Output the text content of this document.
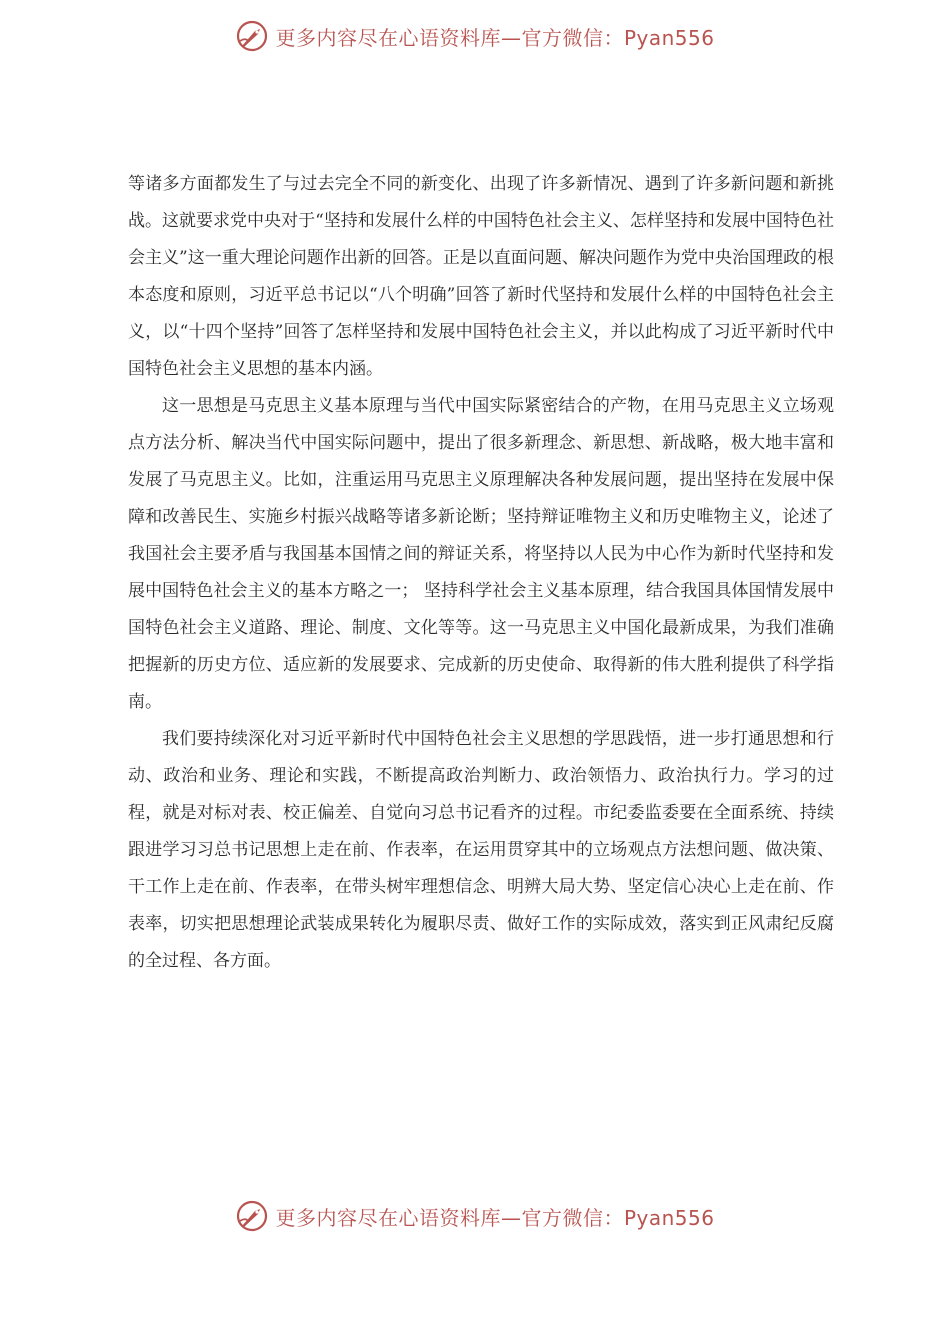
更多内容尽在心语资料库—官方微信：Pyan556

等诸多方面都发生了与过去完全不同的新变化、出现了许多新情况、遇到了许多新问题和新挑战。这就要求党中央对于“坚持和发展什么样的中国特色社会主义、怎样坚持和发展中国特色社会主义”这一重大理论问题作出新的回答。正是以直面问题、解决问题作为党中央治国理政的根本态度和原则，习近平总书记以“八个明确”回答了新时代坚持和发展什么样的中国特色社会主义，以“十四个坚持”回答了怎样坚持和发展中国特色社会主义，并以此构成了习近平新时代中国特色社会主义思想的基本内涵。

这一思想是马克思主义基本原理与当代中国实际紧密结合的产物，在用马克思主义立场观点方法分析、解决当代中国实际问题中，提出了很多新理念、新思想、新战略，极大地丰富和发展了马克思主义。比如，注重运用马克思主义原理解决各种发展问题，提出坚持在发展中保障和改善民生、实施乡村振兴战略等诸多新论断；坚持辩证唯物主义和历史唯物主义，论述了我国社会主要矛盾与我国基本国情之间的辩证关系，将坚持以人民为中心作为新时代坚持和发展中国特色社会主义的基本方略之一； 坚持科学社会主义基本原理，结合我国具体国情发展中国特色社会主义道路、理论、制度、文化等等。这一马克思主义中国化最新成果，为我们准确把握新的历史方位、适应新的发展要求、完成新的历史使命、取得新的伟大胜利提供了科学指南。

我们要持续深化对习近平新时代中国特色社会主义思想的学思践悟，进一步打通思想和行动、政治和业务、理论和实践，不断提高政治判断力、政治领悟力、政治执行力。学习的过程，就是对标对表、校正偏差、自觉向习总书记看齐的过程。市纪委监委要在全面系统、持续跟进学习习总书记思想上走在前、作表率，在运用贯穿其中的立场观点方法想问题、做决策、干工作上走在前、作表率，在带头树牢理想信念、明辨大局大势、坚定信心决心上走在前、作表率，切实把思想理论武装成果转化为履职尽责、做好工作的实际成效，落实到正风肃纪反腐的全过程、各方面。

更多内容尽在心语资料库—官方微信：Pyan556
